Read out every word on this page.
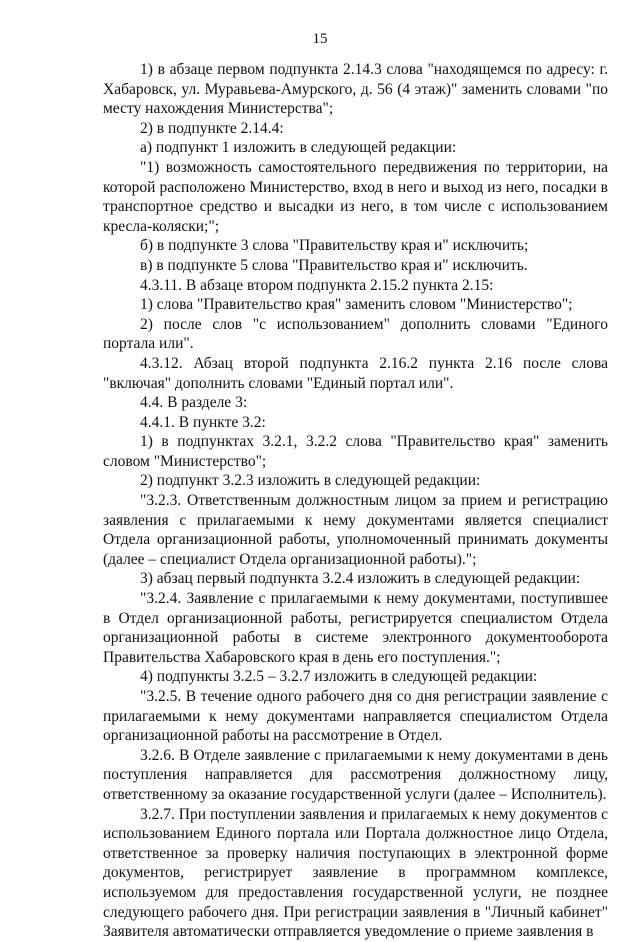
15

1) в абзаце первом подпункта 2.14.3 слова "находящемся по адресу: г. Хабаровск, ул. Муравьева-Амурского, д. 56 (4 этаж)" заменить словами "по месту нахождения Министерства";

2) в подпункте 2.14.4:

а) подпункт 1 изложить в следующей редакции:

"1) возможность самостоятельного передвижения по территории, на которой расположено Министерство, вход в него и выход из него, посадки в транспортное средство и высадки из него, в том числе с использованием кресла-коляски;";

б) в подпункте 3 слова "Правительству края и" исключить;

в) в подпункте 5 слова "Правительство края и" исключить.

4.3.11. В абзаце втором подпункта 2.15.2 пункта 2.15:

1) слова "Правительство края" заменить словом "Министерство";

2) после слов "с использованием" дополнить словами "Единого портала или".

4.3.12. Абзац второй подпункта 2.16.2 пункта 2.16 после слова "включая" дополнить словами "Единый портал или".

4.4. В разделе 3:

4.4.1. В пункте 3.2:

1) в подпунктах 3.2.1, 3.2.2 слова "Правительство края" заменить словом "Министерство";

2) подпункт 3.2.3 изложить в следующей редакции:

"3.2.3. Ответственным должностным лицом за прием и регистрацию заявления с прилагаемыми к нему документами является специалист Отдела организационной работы, уполномоченный принимать документы (далее – специалист Отдела организационной работы).";

3) абзац первый подпункта 3.2.4 изложить в следующей редакции:

"3.2.4. Заявление с прилагаемыми к нему документами, поступившее в Отдел организационной работы, регистрируется специалистом Отдела организационной работы в системе электронного документооборота Правительства Хабаровского края в день его поступления.";

4) подпункты 3.2.5 – 3.2.7 изложить в следующей редакции:

"3.2.5. В течение одного рабочего дня со дня регистрации заявление с прилагаемыми к нему документами направляется специалистом Отдела организационной работы на рассмотрение в Отдел.

3.2.6. В Отделе заявление с прилагаемыми к нему документами в день поступления направляется для рассмотрения должностному лицу, ответственному за оказание государственной услуги (далее – Исполнитель).

3.2.7. При поступлении заявления и прилагаемых к нему документов с использованием Единого портала или Портала должностное лицо Отдела, ответственное за проверку наличия поступающих в электронной форме документов, регистрирует заявление в программном комплексе, используемом для предоставления государственной услуги, не позднее следующего рабочего дня. При регистрации заявления в "Личный кабинет" Заявителя автоматически отправляется уведомление о приеме заявления в
